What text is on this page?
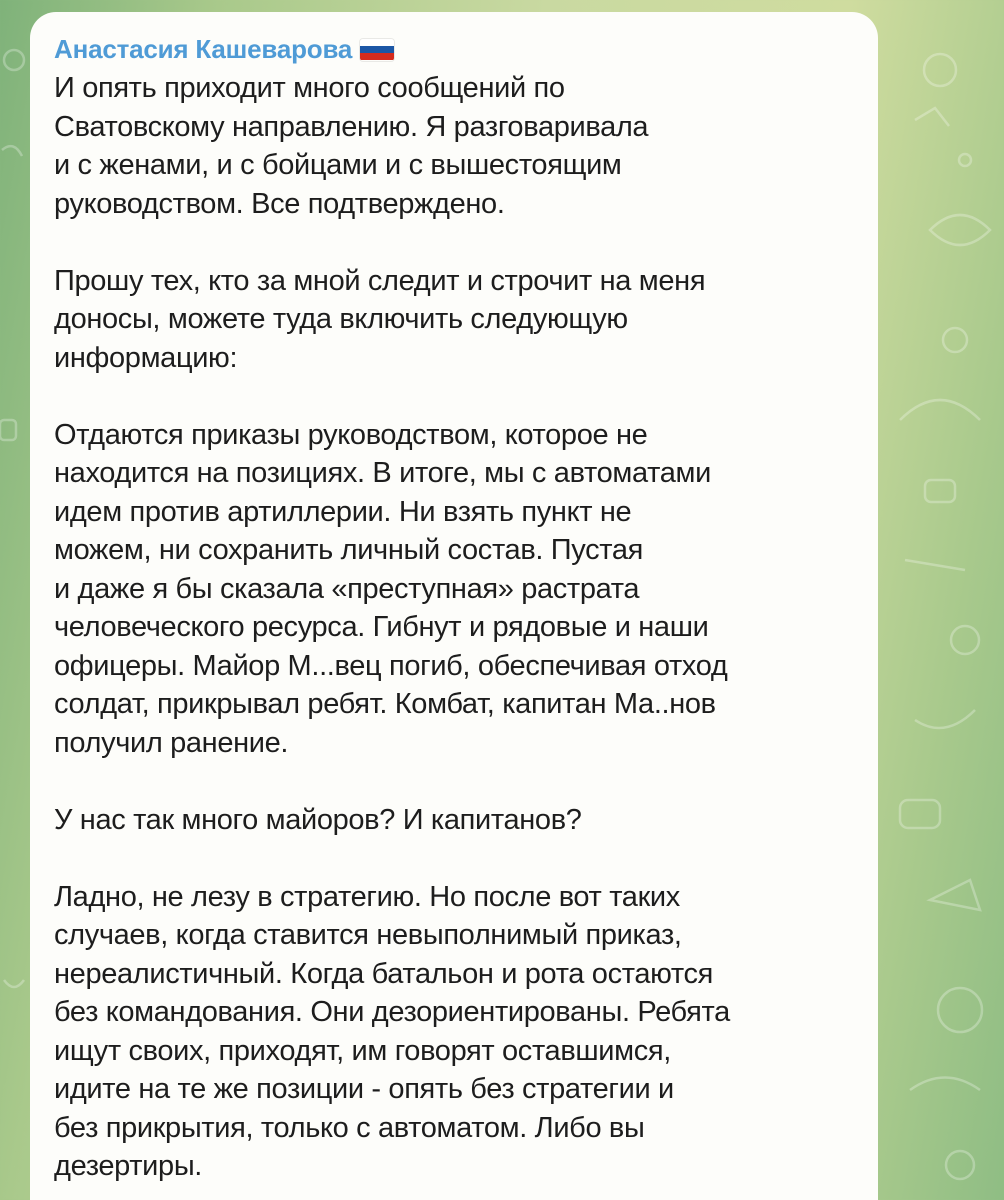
Анастасия Кашеварова
И опять приходит много сообщений по
Сватовскому направлению. Я разговаривала
и с женами, и с бойцами и с вышестоящим
руководством. Все подтверждено.
Прошу тех, кто за мной следит и строчит на меня
доносы, можете туда включить следующую
информацию:
Отдаются приказы руководством, которое не
находится на позициях. В итоге, мы с автоматами
идем против артиллерии. Ни взять пункт не
можем, ни сохранить личный состав. Пустая
и даже я бы сказала «преступная» растрата
человеческого ресурса. Гибнут и рядовые и наши
офицеры. Майор М...вец погиб, обеспечивая отход
солдат, прикрывал ребят. Комбат, капитан Ма..нов
получил ранение.
У нас так много майоров? И капитанов?
Ладно, не лезу в стратегию. Но после вот таких
случаев, когда ставится невыполнимый приказ,
нереалистичный. Когда батальон и рота остаются
без командования. Они дезориентированы. Ребята
ищут своих, приходят, им говорят оставшимся,
идите на те же позиции - опять без стратегии и
без прикрытия, только с автоматом. Либо вы
дезертиры.
